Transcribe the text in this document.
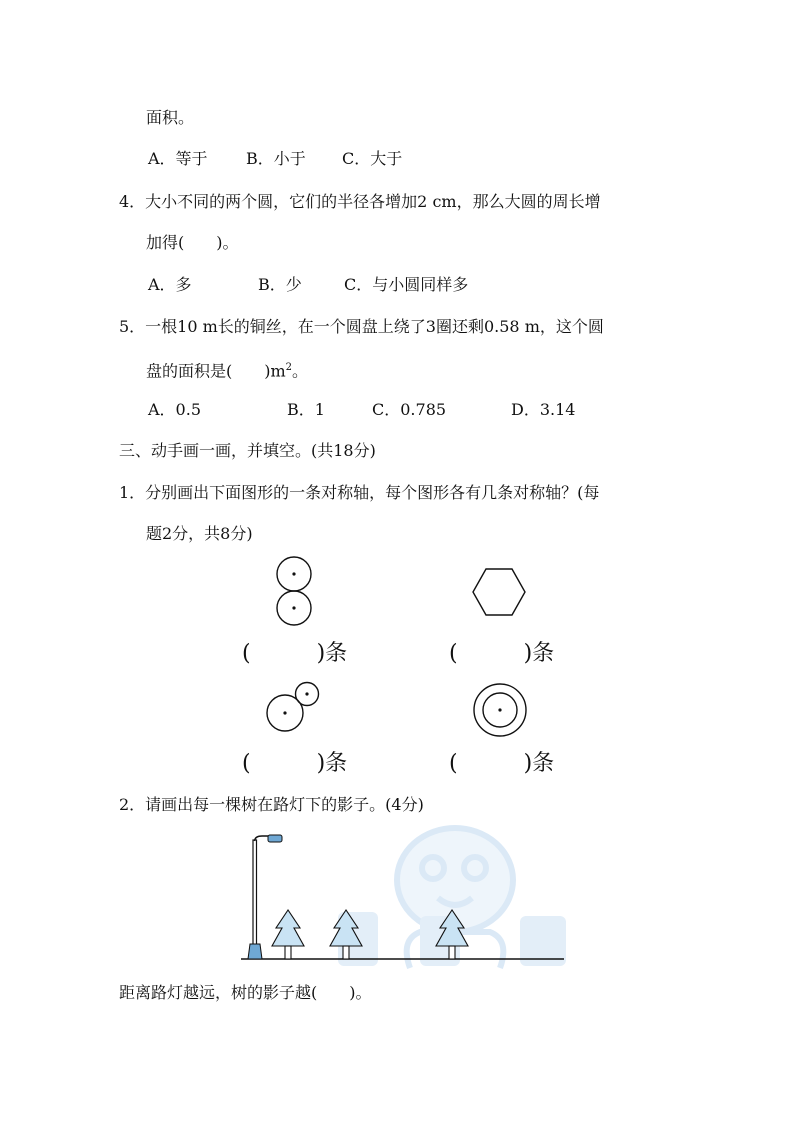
面积。
A．等于 B．小于 C．大于
4．大小不同的两个圆，它们的半径各增加2 cm，那么大圆的周长增
加得(　　)。
A．多	B．少	C．与小圆同样多
5．一根10 m长的铜丝，在一个圆盘上绕了3圈还剩0.58 m，这个圆
盘的面积是(　　)$m^2$。
A．0.5	B．1	C．0.785	D．3.14
三、动手画一画，并填空。(共18分)
1．分别画出下面图形的一条对称轴，每个图形各有几条对称轴？(每
题2分，共8分)
(　　　)条	(　　　)条
(　　　)条	(　　　)条
2．请画出每一棵树在路灯下的影子。(4分)
距离路灯越远，树的影子越(　　)。
